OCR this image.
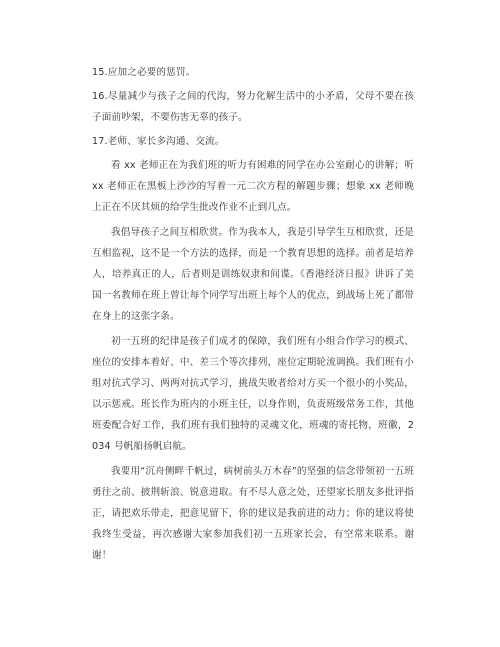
15.应加之必要的惩罚。

16.尽量减少与孩子之间的代沟，努力化解生活中的小矛盾，父母不要在孩子面前吵架，不要伤害无辜的孩子。

17.老师、家长多沟通、交流。

看 xx 老师正在为我们班的听力有困难的同学在办公室耐心的讲解；听 xx 老师正在黑板上沙沙的写着一元二次方程的解题步骤；想象 xx 老师晚上正在不厌其烦的给学生批改作业不止到几点。

我倡导孩子之间互相欣赏。作为我本人，我是引导学生互相欣赏，还是互相监视，这不是一个方法的选择，而是一个教育思想的选择。前者是培养人，培养真正的人，后者则是训练奴隶和间谍。《香港经济日报》讲诉了美国一名教师在班上曾让每个同学写出班上每个人的优点，到战场上死了都带在身上的这张字条。

初一五班的纪律是孩子们成才的保障，我们班有小组合作学习的模式、座位的安排本着好、中、差三个等次排列，座位定期轮流调换。我们班有小组对抗式学习、两两对抗式学习，挑战失败者给对方买一个很小的小奖品，以示惩戒。班长作为班内的小班主任，以身作则，负责班级常务工作，其他班委配合好工作，我们班有我们独特的灵魂文化，班魂的寄托物，班徽，2034 号帆船扬帆启航。

我要用“沉舟侧畔千帆过，病树前头万木春”的坚强的信念带领初一五班勇往之前、披荆斩浪、锐意进取。有不尽人意之处，还望家长朋友多批评指正，请把欢乐带走，把意见留下，你的建议是我前进的动力；你的建议将使我终生受益，再次感谢大家参加我们初一五班家长会，有空常来联系。谢谢！
